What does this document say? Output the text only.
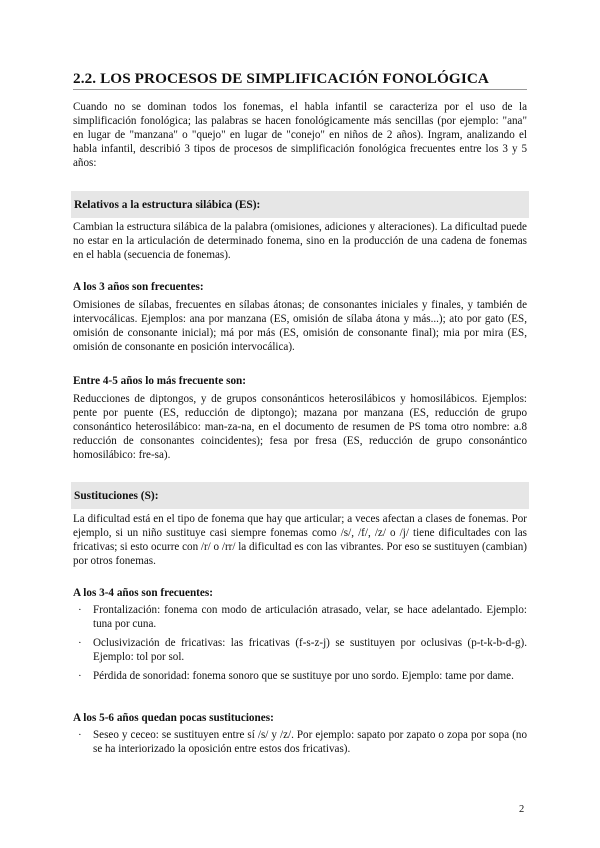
2.2. LOS PROCESOS DE SIMPLIFICACIÓN FONOLÓGICA
Cuando no se dominan todos los fonemas, el habla infantil se caracteriza por el uso de la simplificación fonológica; las palabras se hacen fonológicamente más sencillas (por ejemplo: "ana" en lugar de "manzana" o "quejo" en lugar de "conejo" en niños de 2 años). Ingram, analizando el habla infantil, describió 3 tipos de procesos de simplificación fonológica frecuentes entre los 3 y 5 años:
Relativos a la estructura silábica (ES):
Cambian la estructura silábica de la palabra (omisiones, adiciones y alteraciones). La dificultad puede no estar en la articulación de determinado fonema, sino en la producción de una cadena de fonemas en el habla (secuencia de fonemas).
A los 3 años son frecuentes:
Omisiones de sílabas, frecuentes en sílabas átonas; de consonantes iniciales y finales, y también de intervocálicas. Ejemplos: ana por manzana (ES, omisión de sílaba átona y más...); ato por gato (ES, omisión de consonante inicial); má por más (ES, omisión de consonante final); mia por mira (ES, omisión de consonante en posición intervocálica).
Entre 4-5 años lo más frecuente son:
Reducciones de diptongos, y de grupos consonánticos heterosilábicos y homosilábicos. Ejemplos: pente por puente (ES, reducción de diptongo); mazana por manzana (ES, reducción de grupo consonántico heterosilábico: man-za-na, en el documento de resumen de PS toma otro nombre: a.8 reducción de consonantes coincidentes); fesa por fresa (ES, reducción de grupo consonántico homosilábico: fre-sa).
Sustituciones (S):
La dificultad está en el tipo de fonema que hay que articular; a veces afectan a clases de fonemas. Por ejemplo, si un niño sustituye casi siempre fonemas como /s/, /f/, /z/ o /j/ tiene dificultades con las fricativas; si esto ocurre con /r/ o /rr/ la dificultad es con las vibrantes. Por eso se sustituyen (cambian) por otros fonemas.
A los 3-4 años son frecuentes:
· Frontalización: fonema con modo de articulación atrasado, velar, se hace adelantado. Ejemplo: tuna por cuna.
· Oclusivización de fricativas: las fricativas (f-s-z-j) se sustituyen por oclusivas (p-t-k-b-d-g). Ejemplo: tol por sol.
· Pérdida de sonoridad: fonema sonoro que se sustituye por uno sordo. Ejemplo: tame por dame.
A los 5-6 años quedan pocas sustituciones:
· Seseo y ceceo: se sustituyen entre sí /s/ y /z/. Por ejemplo: sapato por zapato o zopa por sopa (no se ha interiorizado la oposición entre estos dos fricativas).
2
